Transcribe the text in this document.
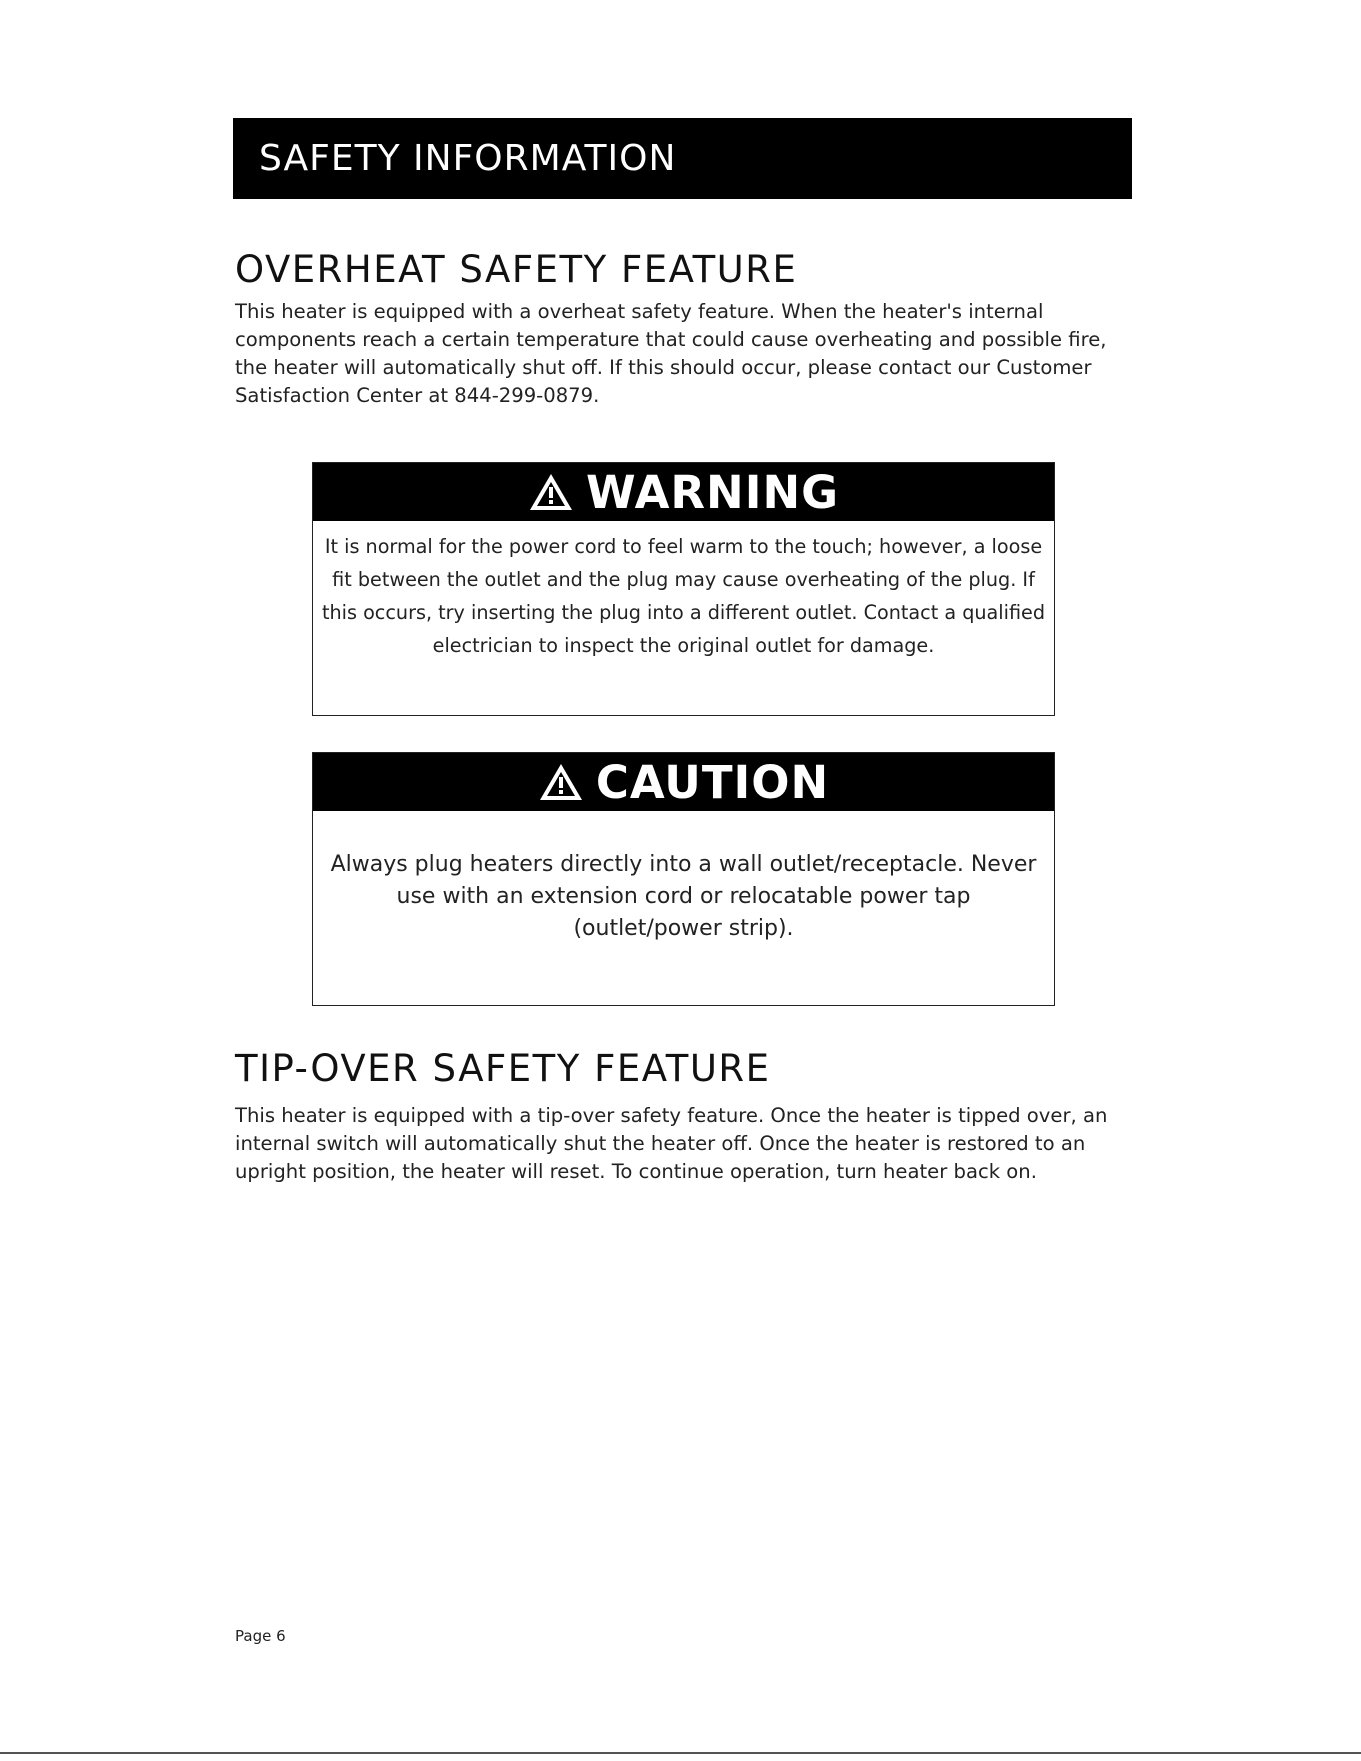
SAFETY INFORMATION
OVERHEAT SAFETY FEATURE

This heater is equipped with a overheat safety feature. When the heater's internal components reach a certain temperature that could cause overheating and possible fire, the heater will automatically shut off. If this should occur, please contact our Customer Satisfaction Center at 844-299-0879.

WARNING

It is normal for the power cord to feel warm to the touch; however, a loose fit between the outlet and the plug may cause overheating of the plug. If this occurs, try inserting the plug into a different outlet. Contact a qualified electrician to inspect the original outlet for damage.

CAUTION

Always plug heaters directly into a wall outlet/receptacle. Never use with an extension cord or relocatable power tap (outlet/power strip).

TIP-OVER SAFETY FEATURE

This heater is equipped with a tip-over safety feature. Once the heater is tipped over, an internal switch will automatically shut the heater off. Once the heater is restored to an upright position, the heater will reset. To continue operation, turn heater back on.

Page 6
